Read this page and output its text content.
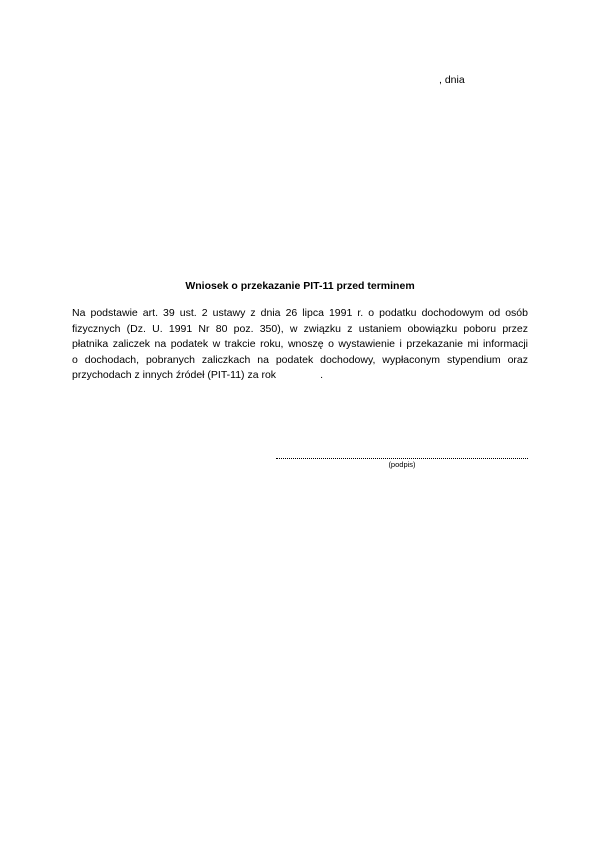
, dnia
Wniosek o przekazanie PIT-11 przed terminem
Na podstawie art. 39 ust. 2 ustawy z dnia 26 lipca 1991 r. o podatku dochodowym od osób
fizycznych (Dz. U. 1991 Nr 80 poz. 350), w związku z ustaniem obowiązku poboru przez
płatnika zaliczek na podatek w trakcie roku, wnoszę o wystawienie i przekazanie mi informacji
o dochodach, pobranych zaliczkach na podatek dochodowy, wypłaconym stypendium oraz
przychodach z innych źródeł (PIT-11) za rok	.
(podpis)
